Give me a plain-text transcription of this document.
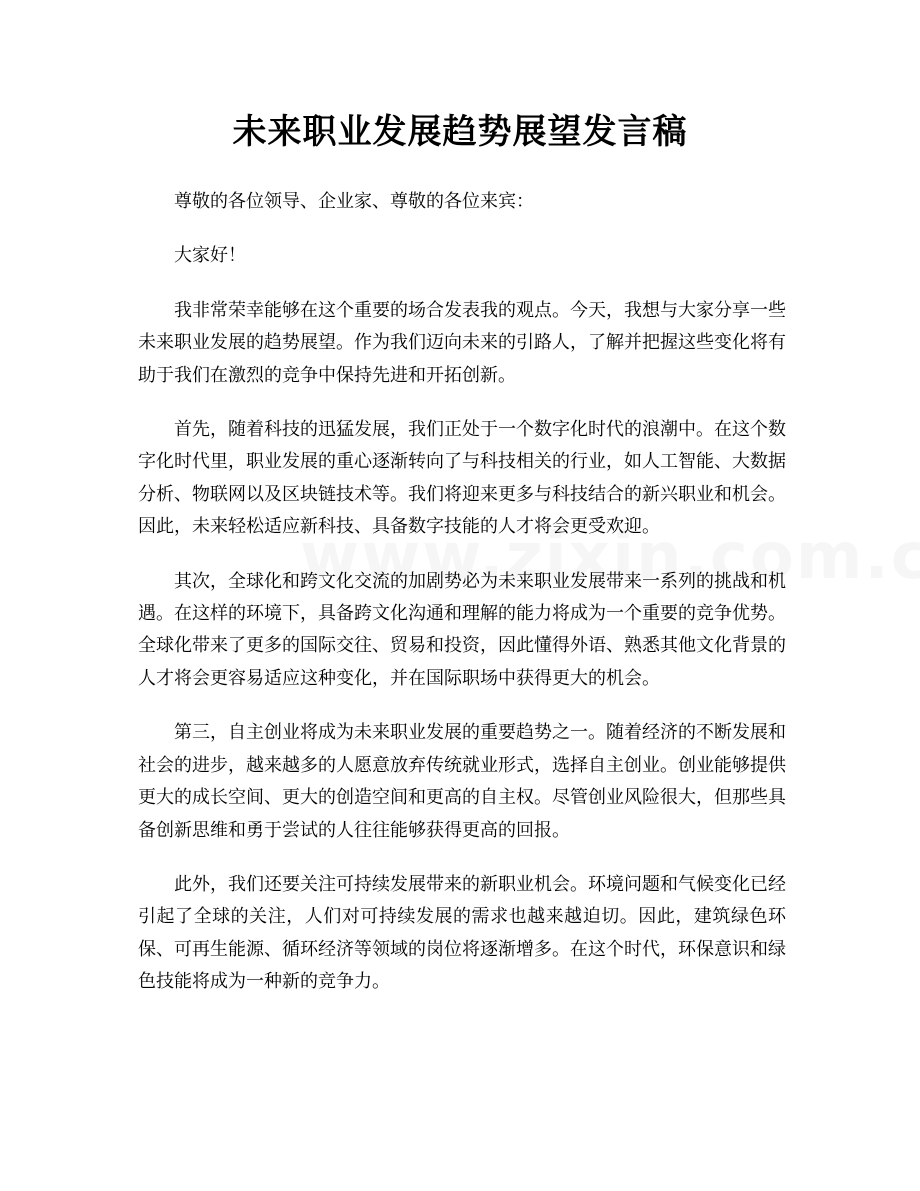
未来职业发展趋势展望发言稿

尊敬的各位领导、企业家、尊敬的各位来宾：

大家好！

我非常荣幸能够在这个重要的场合发表我的观点。今天，我想与大家分享一些未来职业发展的趋势展望。作为我们迈向未来的引路人，了解并把握这些变化将有助于我们在激烈的竞争中保持先进和开拓创新。

首先，随着科技的迅猛发展，我们正处于一个数字化时代的浪潮中。在这个数字化时代里，职业发展的重心逐渐转向了与科技相关的行业，如人工智能、大数据分析、物联网以及区块链技术等。我们将迎来更多与科技结合的新兴职业和机会。因此，未来轻松适应新科技、具备数字技能的人才将会更受欢迎。

其次，全球化和跨文化交流的加剧势必为未来职业发展带来一系列的挑战和机遇。在这样的环境下，具备跨文化沟通和理解的能力将成为一个重要的竞争优势。全球化带来了更多的国际交往、贸易和投资，因此懂得外语、熟悉其他文化背景的人才将会更容易适应这种变化，并在国际职场中获得更大的机会。

第三，自主创业将成为未来职业发展的重要趋势之一。随着经济的不断发展和社会的进步，越来越多的人愿意放弃传统就业形式，选择自主创业。创业能够提供更大的成长空间、更大的创造空间和更高的自主权。尽管创业风险很大，但那些具备创新思维和勇于尝试的人往往能够获得更高的回报。

此外，我们还要关注可持续发展带来的新职业机会。环境问题和气候变化已经引起了全球的关注，人们对可持续发展的需求也越来越迫切。因此，建筑绿色环保、可再生能源、循环经济等领域的岗位将逐渐增多。在这个时代，环保意识和绿色技能将成为一种新的竞争力。
